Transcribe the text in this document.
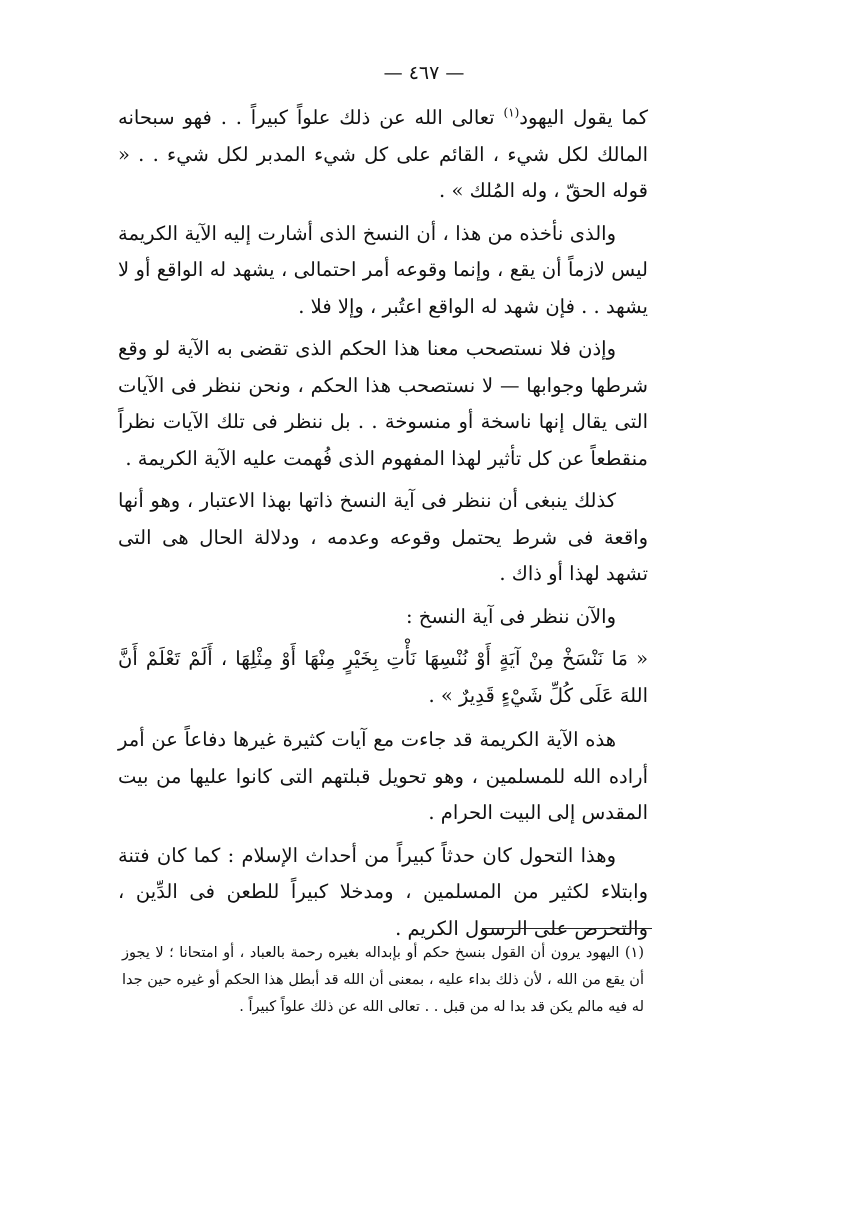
— ٤٦٧ —

كما يقول اليهود$^{(١)}$ تعالى الله عن ذلك علواً كبيراً . . فهو سبحانه المالك لكل شيء ، القائم على كل شيء المدبر لكل شيء . . « قوله الحقّ ، وله المُلك » .

والذى نأخذه من هذا ، أن النسخ الذى أشارت إليه الآية الكريمة ليس لازماً أن يقع ، وإنما وقوعه أمر احتمالى ، يشهد له الواقع أو لا يشهد . . فإن شهد له الواقع اعتُبر ، وإلا فلا .

وإذن فلا نستصحب معنا هذا الحكم الذى تقضى به الآية لو وقع شرطها وجوابها — لا نستصحب هذا الحكم ، ونحن ننظر فى الآيات التى يقال إنها ناسخة أو منسوخة . . بل ننظر فى تلك الآيات نظراً منقطعاً عن كل تأثير لهذا المفهوم الذى فُهمت عليه الآية الكريمة .

كذلك ينبغى أن ننظر فى آية النسخ ذاتها بهذا الاعتبار ، وهو أنها واقعة فى شرط يحتمل وقوعه وعدمه ، ودلالة الحال هى التى تشهد لهذا أو ذاك .

والآن ننظر فى آية النسخ :

« مَا نَنْسَخْ مِنْ آيَةٍ أَوْ نُنْسِهَا نَأْتِ بِخَيْرٍ مِنْهَا أَوْ مِثْلِهَا ، أَلَمْ تَعْلَمْ أَنَّ اللهَ عَلَى كُلِّ شَيْءٍ قَدِيرٌ » .

هذه الآية الكريمة قد جاءت مع آيات كثيرة غيرها دفاعاً عن أمر أراده الله للمسلمين ، وهو تحويل قبلتهم التى كانوا عليها من بيت المقدس إلى البيت الحرام .

وهذا التحول كان حدثاً كبيراً من أحداث الإسلام : كما كان فتنة وابتلاء لكثير من المسلمين ، ومدخلا كبيراً للطعن فى الدِّين ، والتحرص على الرسول الكريم .

(١) اليهود يرون أن القول بنسخ حكم أو بإبداله بغيره رحمة بالعباد ، أو امتحانا ؛ لا يجوز أن يقع من الله ، لأن ذلك بداء عليه ، بمعنى أن الله قد أبطل هذا الحكم أو غيره حين جدا له فيه مالم يكن قد بدا له من قبل . . تعالى الله عن ذلك علواً كبيراً .
